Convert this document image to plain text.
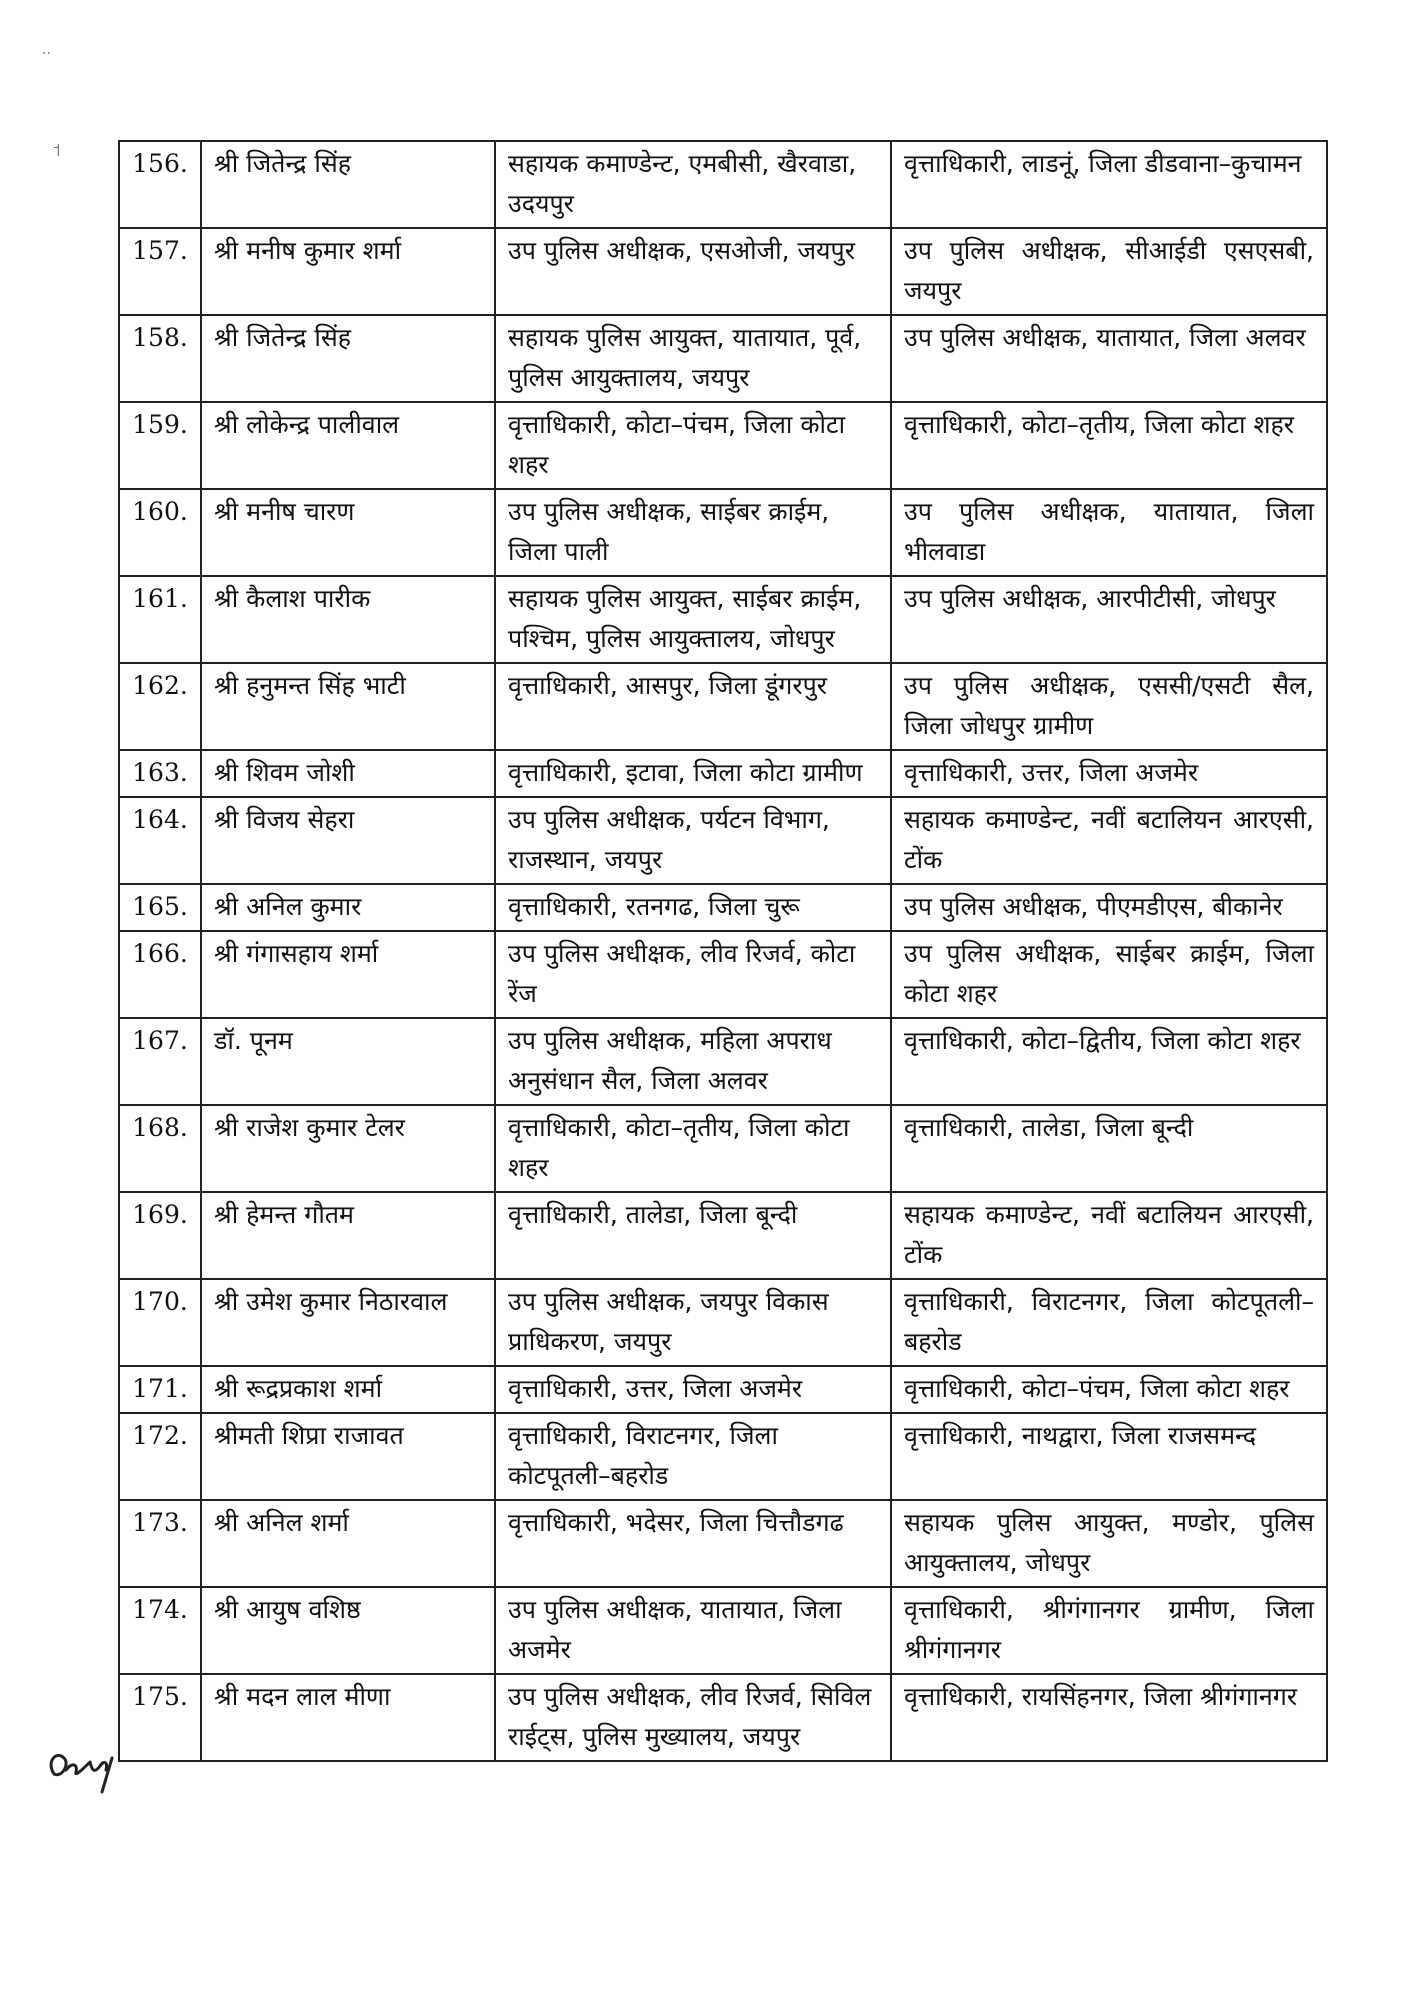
··
˦	156.	श्री जितेन्द्र सिंह	सहायक कमाण्डेन्ट, एमबीसी, खैरवाडा, उदयपुर	वृत्ताधिकारी, लाडनूं, जिला डीडवाना–कुचामन
157.	श्री मनीष कुमार शर्मा	उप पुलिस अधीक्षक, एसओजी, जयपुर	उप पुलिस अधीक्षक, सीआईडी एसएसबी, जयपुर
158.	श्री जितेन्द्र सिंह	सहायक पुलिस आयुक्त, यातायात, पूर्व, पुलिस आयुक्तालय, जयपुर	उप पुलिस अधीक्षक, यातायात, जिला अलवर
159.	श्री लोकेन्द्र पालीवाल	वृत्ताधिकारी, कोटा–पंचम, जिला कोटा शहर	वृत्ताधिकारी, कोटा–तृतीय, जिला कोटा शहर
160.	श्री मनीष चारण	उप पुलिस अधीक्षक, साईबर क्राईम, जिला पाली	उप पुलिस अधीक्षक, यातायात, जिला भीलवाडा
161.	श्री कैलाश पारीक	सहायक पुलिस आयुक्त, साईबर क्राईम, पश्चिम, पुलिस आयुक्तालय, जोधपुर	उप पुलिस अधीक्षक, आरपीटीसी, जोधपुर
162.	श्री हनुमन्त सिंह भाटी	वृत्ताधिकारी, आसपुर, जिला डूंगरपुर	उप पुलिस अधीक्षक, एससी/एसटी सैल, जिला जोधपुर ग्रामीण
163.	श्री शिवम जोशी	वृत्ताधिकारी, इटावा, जिला कोटा ग्रामीण	वृत्ताधिकारी, उत्तर, जिला अजमेर
164.	श्री विजय सेहरा	उप पुलिस अधीक्षक, पर्यटन विभाग, राजस्थान, जयपुर	सहायक कमाण्डेन्ट, नवीं बटालियन आरएसी, टोंक
165.	श्री अनिल कुमार	वृत्ताधिकारी, रतनगढ, जिला चुरू	उप पुलिस अधीक्षक, पीएमडीएस, बीकानेर
166.	श्री गंगासहाय शर्मा	उप पुलिस अधीक्षक, लीव रिजर्व, कोटा रेंज	उप पुलिस अधीक्षक, साईबर क्राईम, जिला कोटा शहर
167.	डॉ. पूनम	उप पुलिस अधीक्षक, महिला अपराध अनुसंधान सैल, जिला अलवर	वृत्ताधिकारी, कोटा–द्वितीय, जिला कोटा शहर
168.	श्री राजेश कुमार टेलर	वृत्ताधिकारी, कोटा–तृतीय, जिला कोटा शहर	वृत्ताधिकारी, तालेडा, जिला बून्दी
169.	श्री हेमन्त गौतम	वृत्ताधिकारी, तालेडा, जिला बून्दी	सहायक कमाण्डेन्ट, नवीं बटालियन आरएसी, टोंक
170.	श्री उमेश कुमार निठारवाल	उप पुलिस अधीक्षक, जयपुर विकास प्राधिकरण, जयपुर	वृत्ताधिकारी, विराटनगर, जिला कोटपूतली–बहरोड
171.	श्री रूद्रप्रकाश शर्मा	वृत्ताधिकारी, उत्तर, जिला अजमेर	वृत्ताधिकारी, कोटा–पंचम, जिला कोटा शहर
172.	श्रीमती शिप्रा राजावत	वृत्ताधिकारी, विराटनगर, जिला कोटपूतली–बहरोड	वृत्ताधिकारी, नाथद्वारा, जिला राजसमन्द
173.	श्री अनिल शर्मा	वृत्ताधिकारी, भदेसर, जिला चित्तौडगढ	सहायक पुलिस आयुक्त, मण्डोर, पुलिस आयुक्तालय, जोधपुर
174.	श्री आयुष वशिष्ठ	उप पुलिस अधीक्षक, यातायात, जिला अजमेर	वृत्ताधिकारी, श्रीगंगानगर ग्रामीण, जिला श्रीगंगानगर
175.	श्री मदन लाल मीणा	उप पुलिस अधीक्षक, लीव रिजर्व, सिविल राईट्स, पुलिस मुख्यालय, जयपुर	वृत्ताधिकारी, रायसिंहनगर, जिला श्रीगंगानगर
